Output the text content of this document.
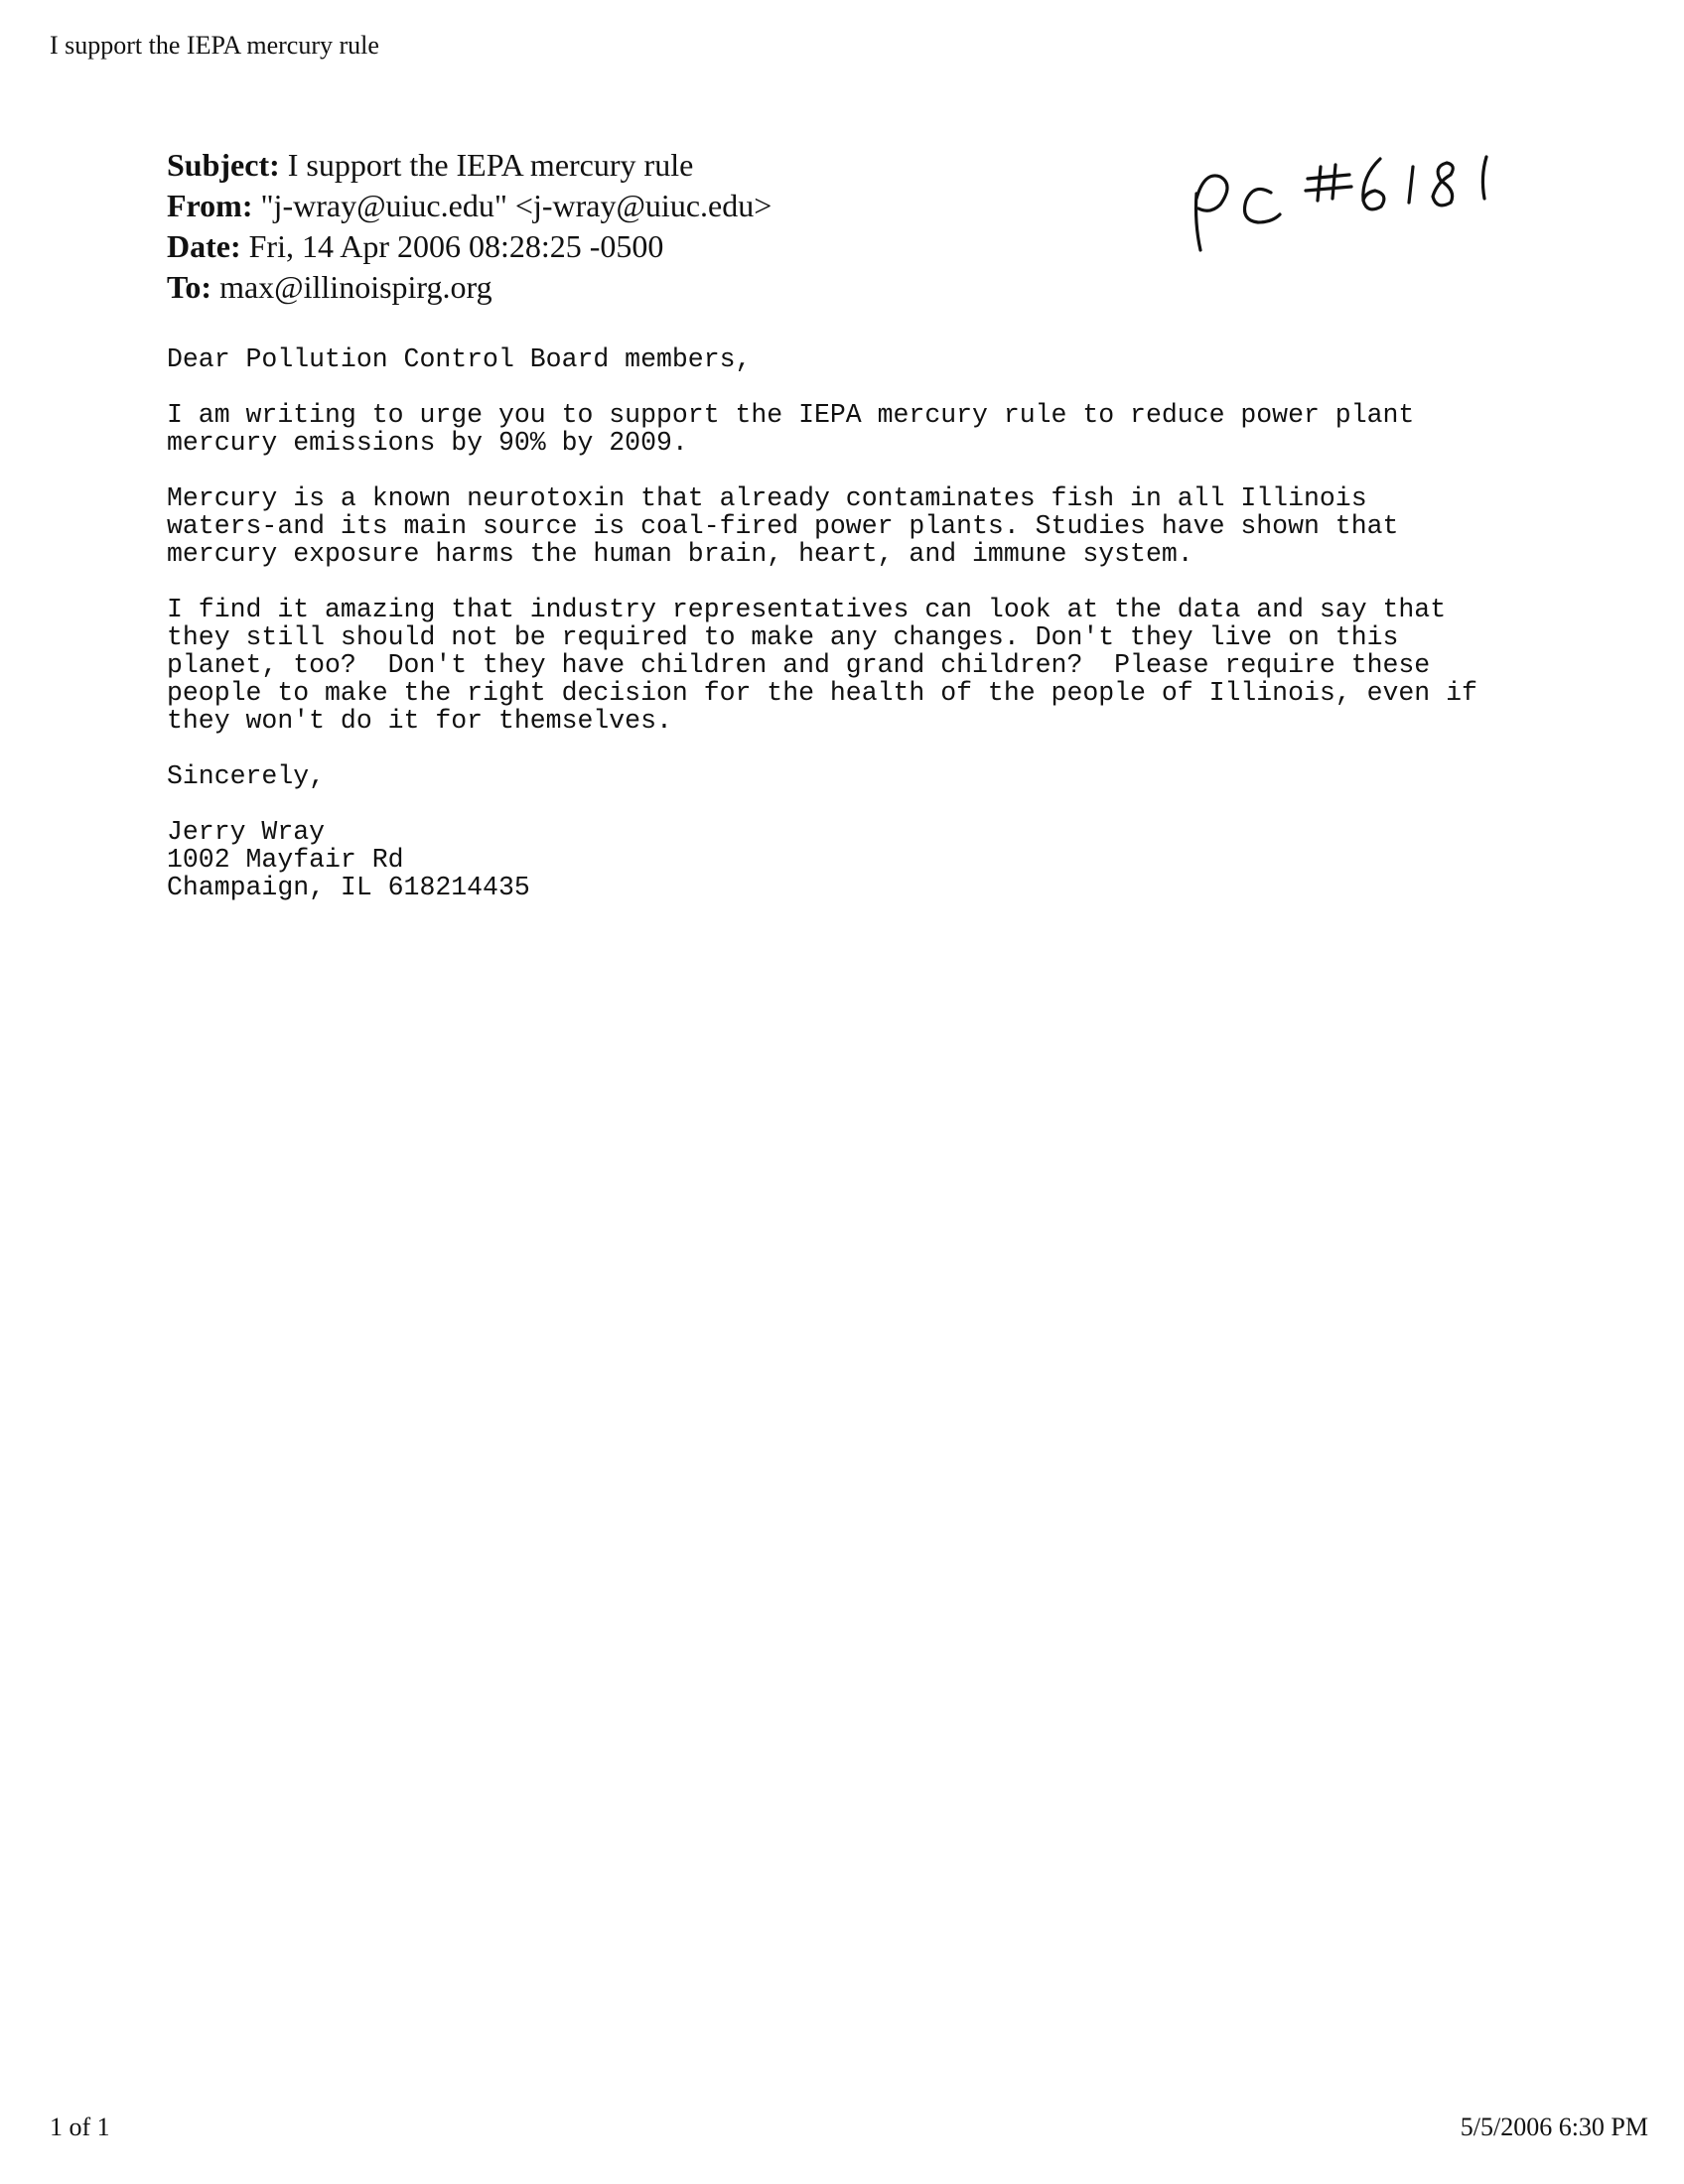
I support the IEPA mercury rule
Subject: I support the IEPA mercury rule
From: "j-wray@uiuc.edu" <j-wray@uiuc.edu>
Date: Fri, 14 Apr 2006 08:28:25 -0500
To: max@illinoispirg.org

Dear Pollution Control Board members,

I am writing to urge you to support the IEPA mercury rule to reduce power plant
mercury emissions by 90% by 2009.

Mercury is a known neurotoxin that already contaminates fish in all Illinois
waters-and its main source is coal-fired power plants. Studies have shown that
mercury exposure harms the human brain, heart, and immune system.

I find it amazing that industry representatives can look at the data and say that
they still should not be required to make any changes. Don't they live on this
planet, too?  Don't they have children and grand children?  Please require these
people to make the right decision for the health of the people of Illinois, even if
they won't do it for themselves.

Sincerely,

Jerry Wray

1002 Mayfair Rd

Champaign, IL 618214435

1 of 1	5/5/2006 6:30 PM
